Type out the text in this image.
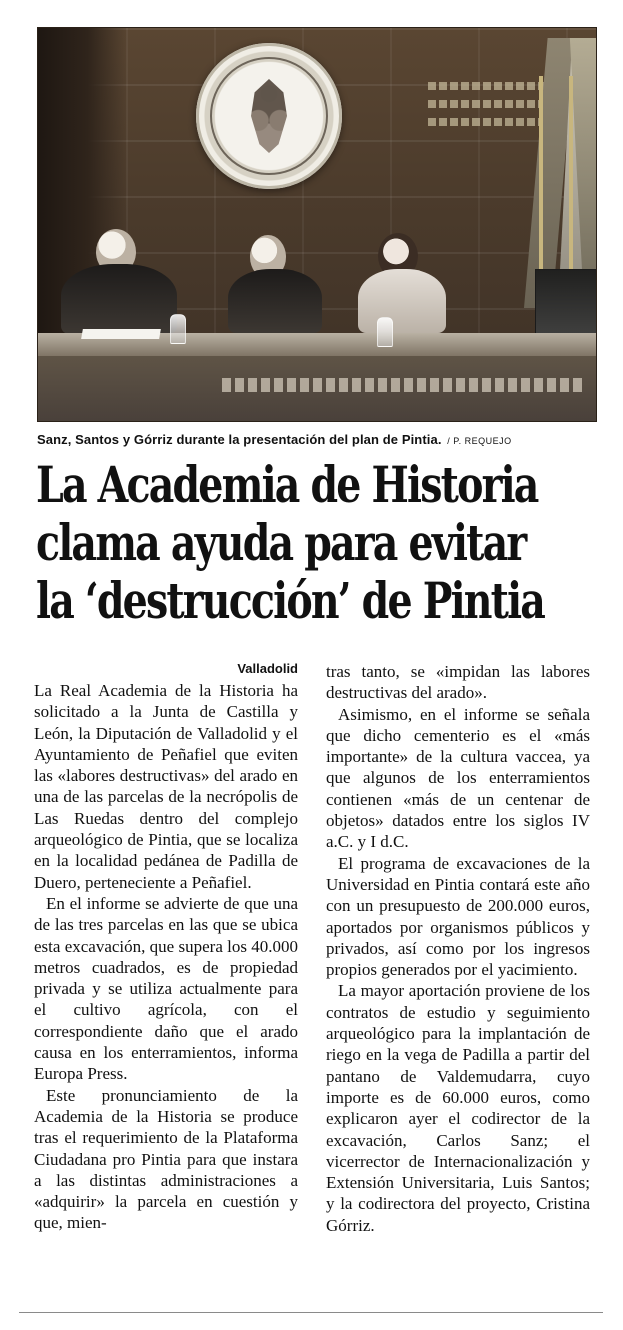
Sanz, Santos y Górriz durante la presentación del plan de Pintia. / P. REQUEJO
La Academia de Historia
clama ayuda para evitar
la ‘destrucción’ de Pintia
Valladolid

La Real Academia de la Historia ha solicitado a la Junta de Castilla y León, la Diputación de Valladolid y el Ayuntamiento de Peñafiel que eviten las «labores destructivas» del arado en una de las parcelas de la necrópolis de Las Ruedas dentro del complejo arqueológico de Pintia, que se localiza en la localidad pedánea de Padilla de Duero, perteneciente a Peñafiel.

En el informe se advierte de que una de las tres parcelas en las que se ubica esta excavación, que supera los 40.000 metros cuadrados, es de propiedad privada y se utiliza actualmente para el cultivo agrícola, con el correspondiente daño que el arado causa en los enterramientos, informa Europa Press.

Este pronunciamiento de la Academia de la Historia se produce tras el requerimiento de la Plataforma Ciudadana pro Pintia para que instara a las distintas administraciones a «adquirir» la parcela en cuestión y que, mien-

tras tanto, se «impidan las labores destructivas del arado».

Asimismo, en el informe se señala que dicho cementerio es el «más importante» de la cultura vaccea, ya que algunos de los enterramientos contienen «más de un centenar de objetos» datados entre los siglos IV a.C. y I d.C.

El programa de excavaciones de la Universidad en Pintia contará este año con un presupuesto de 200.000 euros, aportados por organismos públicos y privados, así como por los ingresos propios generados por el yacimiento.

La mayor aportación proviene de los contratos de estudio y seguimiento arqueológico para la implantación de riego en la vega de Padilla a partir del pantano de Valdemudarra, cuyo importe es de 60.000 euros, como explicaron ayer el codirector de la excavación, Carlos Sanz; el vicerrector de Internacionalización y Extensión Universitaria, Luis Santos; y la codirectora del proyecto, Cristina Górriz.
